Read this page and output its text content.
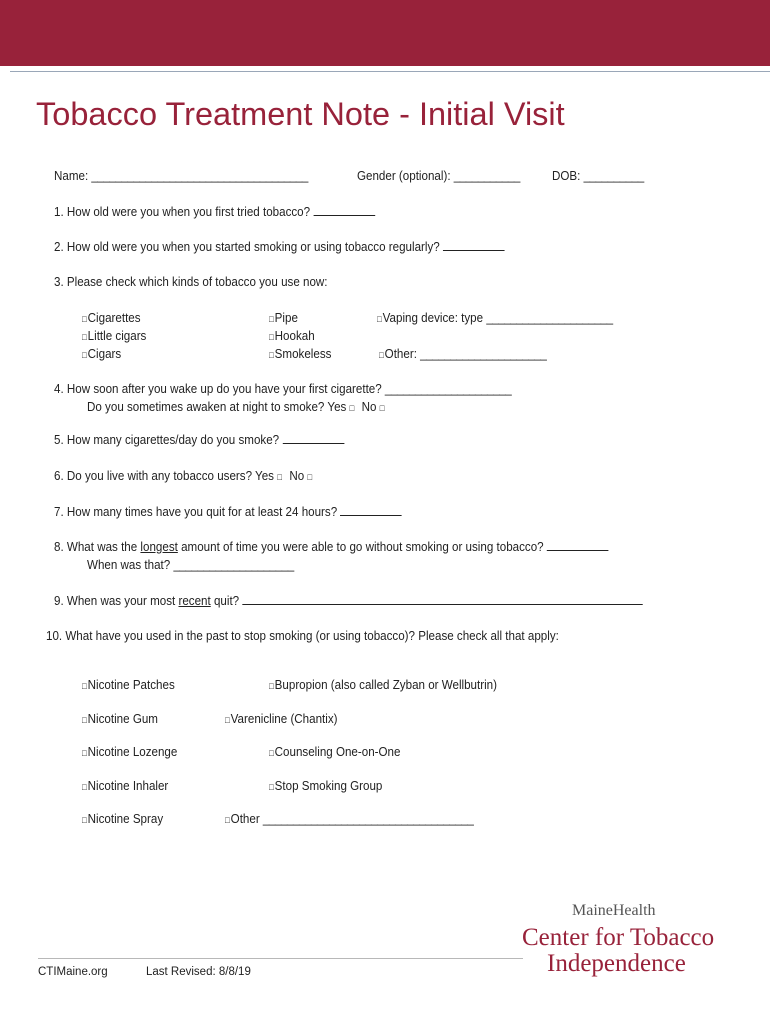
Tobacco Treatment Note - Initial Visit
Name: ____________________________________	Gender (optional): ___________ DOB: __________
1. How old were you when you first tried tobacco?
2. How old were you when you started smoking or using tobacco regularly?
3. Please check which kinds of tobacco you use now:
□ Cigarettes
□ Little cigars
□ Cigars
□ Pipe
□ Hookah
□ Smokeless
□ Vaping device: type _____________________
□ Other: _____________________
4. How soon after you wake up do you have your first cigarette? _____________________
Do you sometimes awaken at night to smoke? Yes □ No □
5. How many cigarettes/day do you smoke?
6. Do you live with any tobacco users? Yes □ No □
7. How many times have you quit for at least 24 hours?
8. What was the longest amount of time you were able to go without smoking or using tobacco?
When was that? ____________________
9. When was your most recent quit?
10. What have you used in the past to stop smoking (or using tobacco)? Please check all that apply:
□ Nicotine Patches
□ Nicotine Gum
□ Nicotine Lozenge
□ Nicotine Inhaler
□ Nicotine Spray
□ Bupropion (also called Zyban or Wellbutrin)
□ Varenicline (Chantix)
□ Counseling One-on-One
□ Stop Smoking Group
□ Other ___________________________________
CTIMaine.org	Last Revised: 8/8/19
MaineHealth
Center for Tobacco
Independence
